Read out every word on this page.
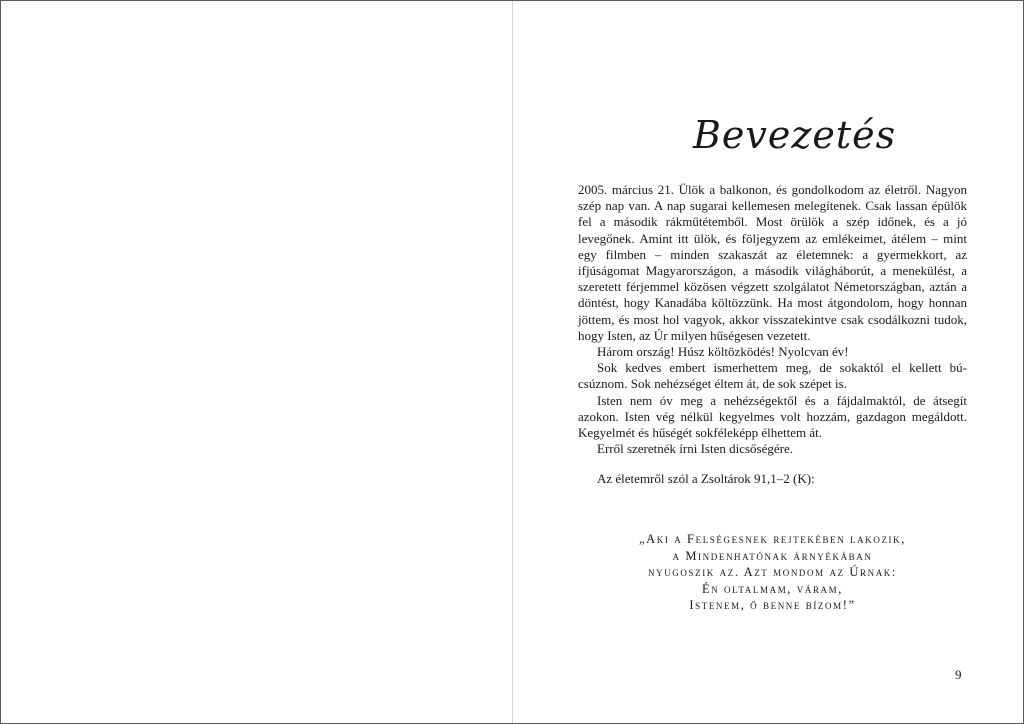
Bevezetés

2005. március 21. Ülök a balkonon, és gondolkodom az életről. Nagyon szép nap van. A nap sugarai kellemesen melegítenek. Csak lassan épülök fel a második rákműtétemből. Most örülök a szép időnek, és a jó levegőnek. Amint itt ülök, és följegyzem az emlékeimet, átélem – mint egy filmben – minden szakaszát az életemnek: a gyermekkort, az ifjúságomat Magyarországon, a második világháborút, a menekülést, a szeretett férjemmel közösen végzett szolgálatot Németországban, aztán a döntést, hogy Kanadába költözzünk. Ha most átgondolom, hogy honnan jöttem, és most hol vagyok, akkor visszatekintve csak csodálkozni tudok, hogy Isten, az Úr milyen hűségesen vezetett.

Három ország! Húsz költözködés! Nyolcvan év!

Sok kedves embert ismerhettem meg, de sokaktól el kellett búcsúznom. Sok nehézséget éltem át, de sok szépet is.

Isten nem óv meg a nehézségektől és a fájdalmaktól, de átsegít azokon. Isten vég nélkül kegyelmes volt hozzám, gazdagon megáldott. Kegyelmét és hűségét sokféleképp élhettem át.

Erről szeretnék írni Isten dicsőségére.

Az életemről szól a Zsoltárok 91,1–2 (K):

„Aki a Felségesnek rejtekében lakozik,
a Mindenhatónak árnyékában
nyugoszik az. Azt mondom az Úrnak:
Én oltalmam, váram,
Istenem, ő benne bízom!”
9
